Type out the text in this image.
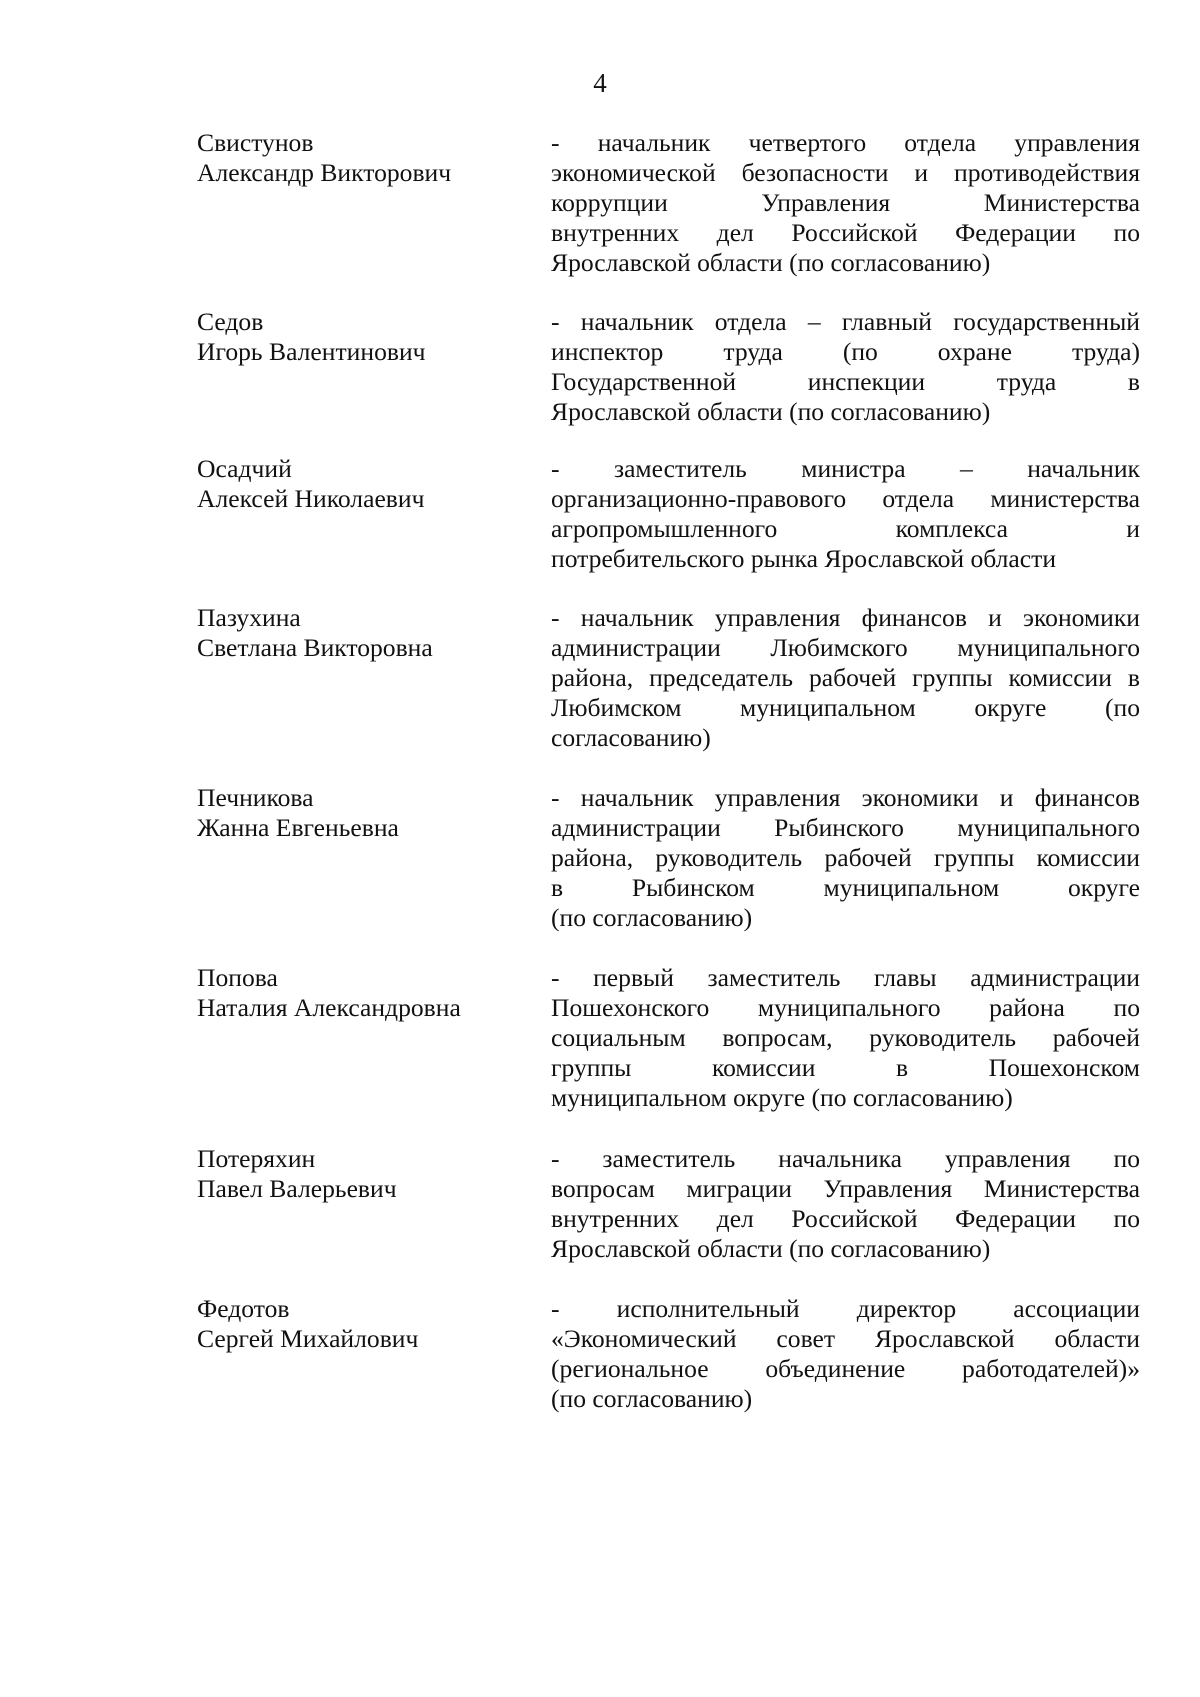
4
Свистунов
Александр Викторович
- начальник четвертого отдела управления
экономической безопасности и противодействия
коррупции Управления Министерства
внутренних дел Российской Федерации по
Ярославской области (по согласованию)
Седов
Игорь Валентинович
- начальник отдела – главный государственный
инспектор труда (по охране труда)
Государственной инспекции труда в
Ярославской области (по согласованию)
Осадчий
Алексей Николаевич
- заместитель министра – начальник
организационно-правового отдела министерства
агропромышленного комплекса и
потребительского рынка Ярославской области
Пазухина
Светлана Викторовна
- начальник управления финансов и экономики
администрации Любимского муниципального
района, председатель рабочей группы комиссии в
Любимском муниципальном округе (по
согласованию)
Печникова
Жанна Евгеньевна
- начальник управления экономики и финансов
администрации Рыбинского муниципального
района, руководитель рабочей группы комиссии
в Рыбинском муниципальном округе
(по согласованию)
Попова
Наталия Александровна
- первый заместитель главы администрации
Пошехонского муниципального района по
социальным вопросам, руководитель рабочей
группы комиссии в Пошехонском
муниципальном округе (по согласованию)
Потеряхин
Павел Валерьевич
- заместитель начальника управления по
вопросам миграции Управления Министерства
внутренних дел Российской Федерации по
Ярославской области (по согласованию)
Федотов
Сергей Михайлович
- исполнительный директор ассоциации
«Экономический совет Ярославской области
(региональное объединение работодателей)»
(по согласованию)
